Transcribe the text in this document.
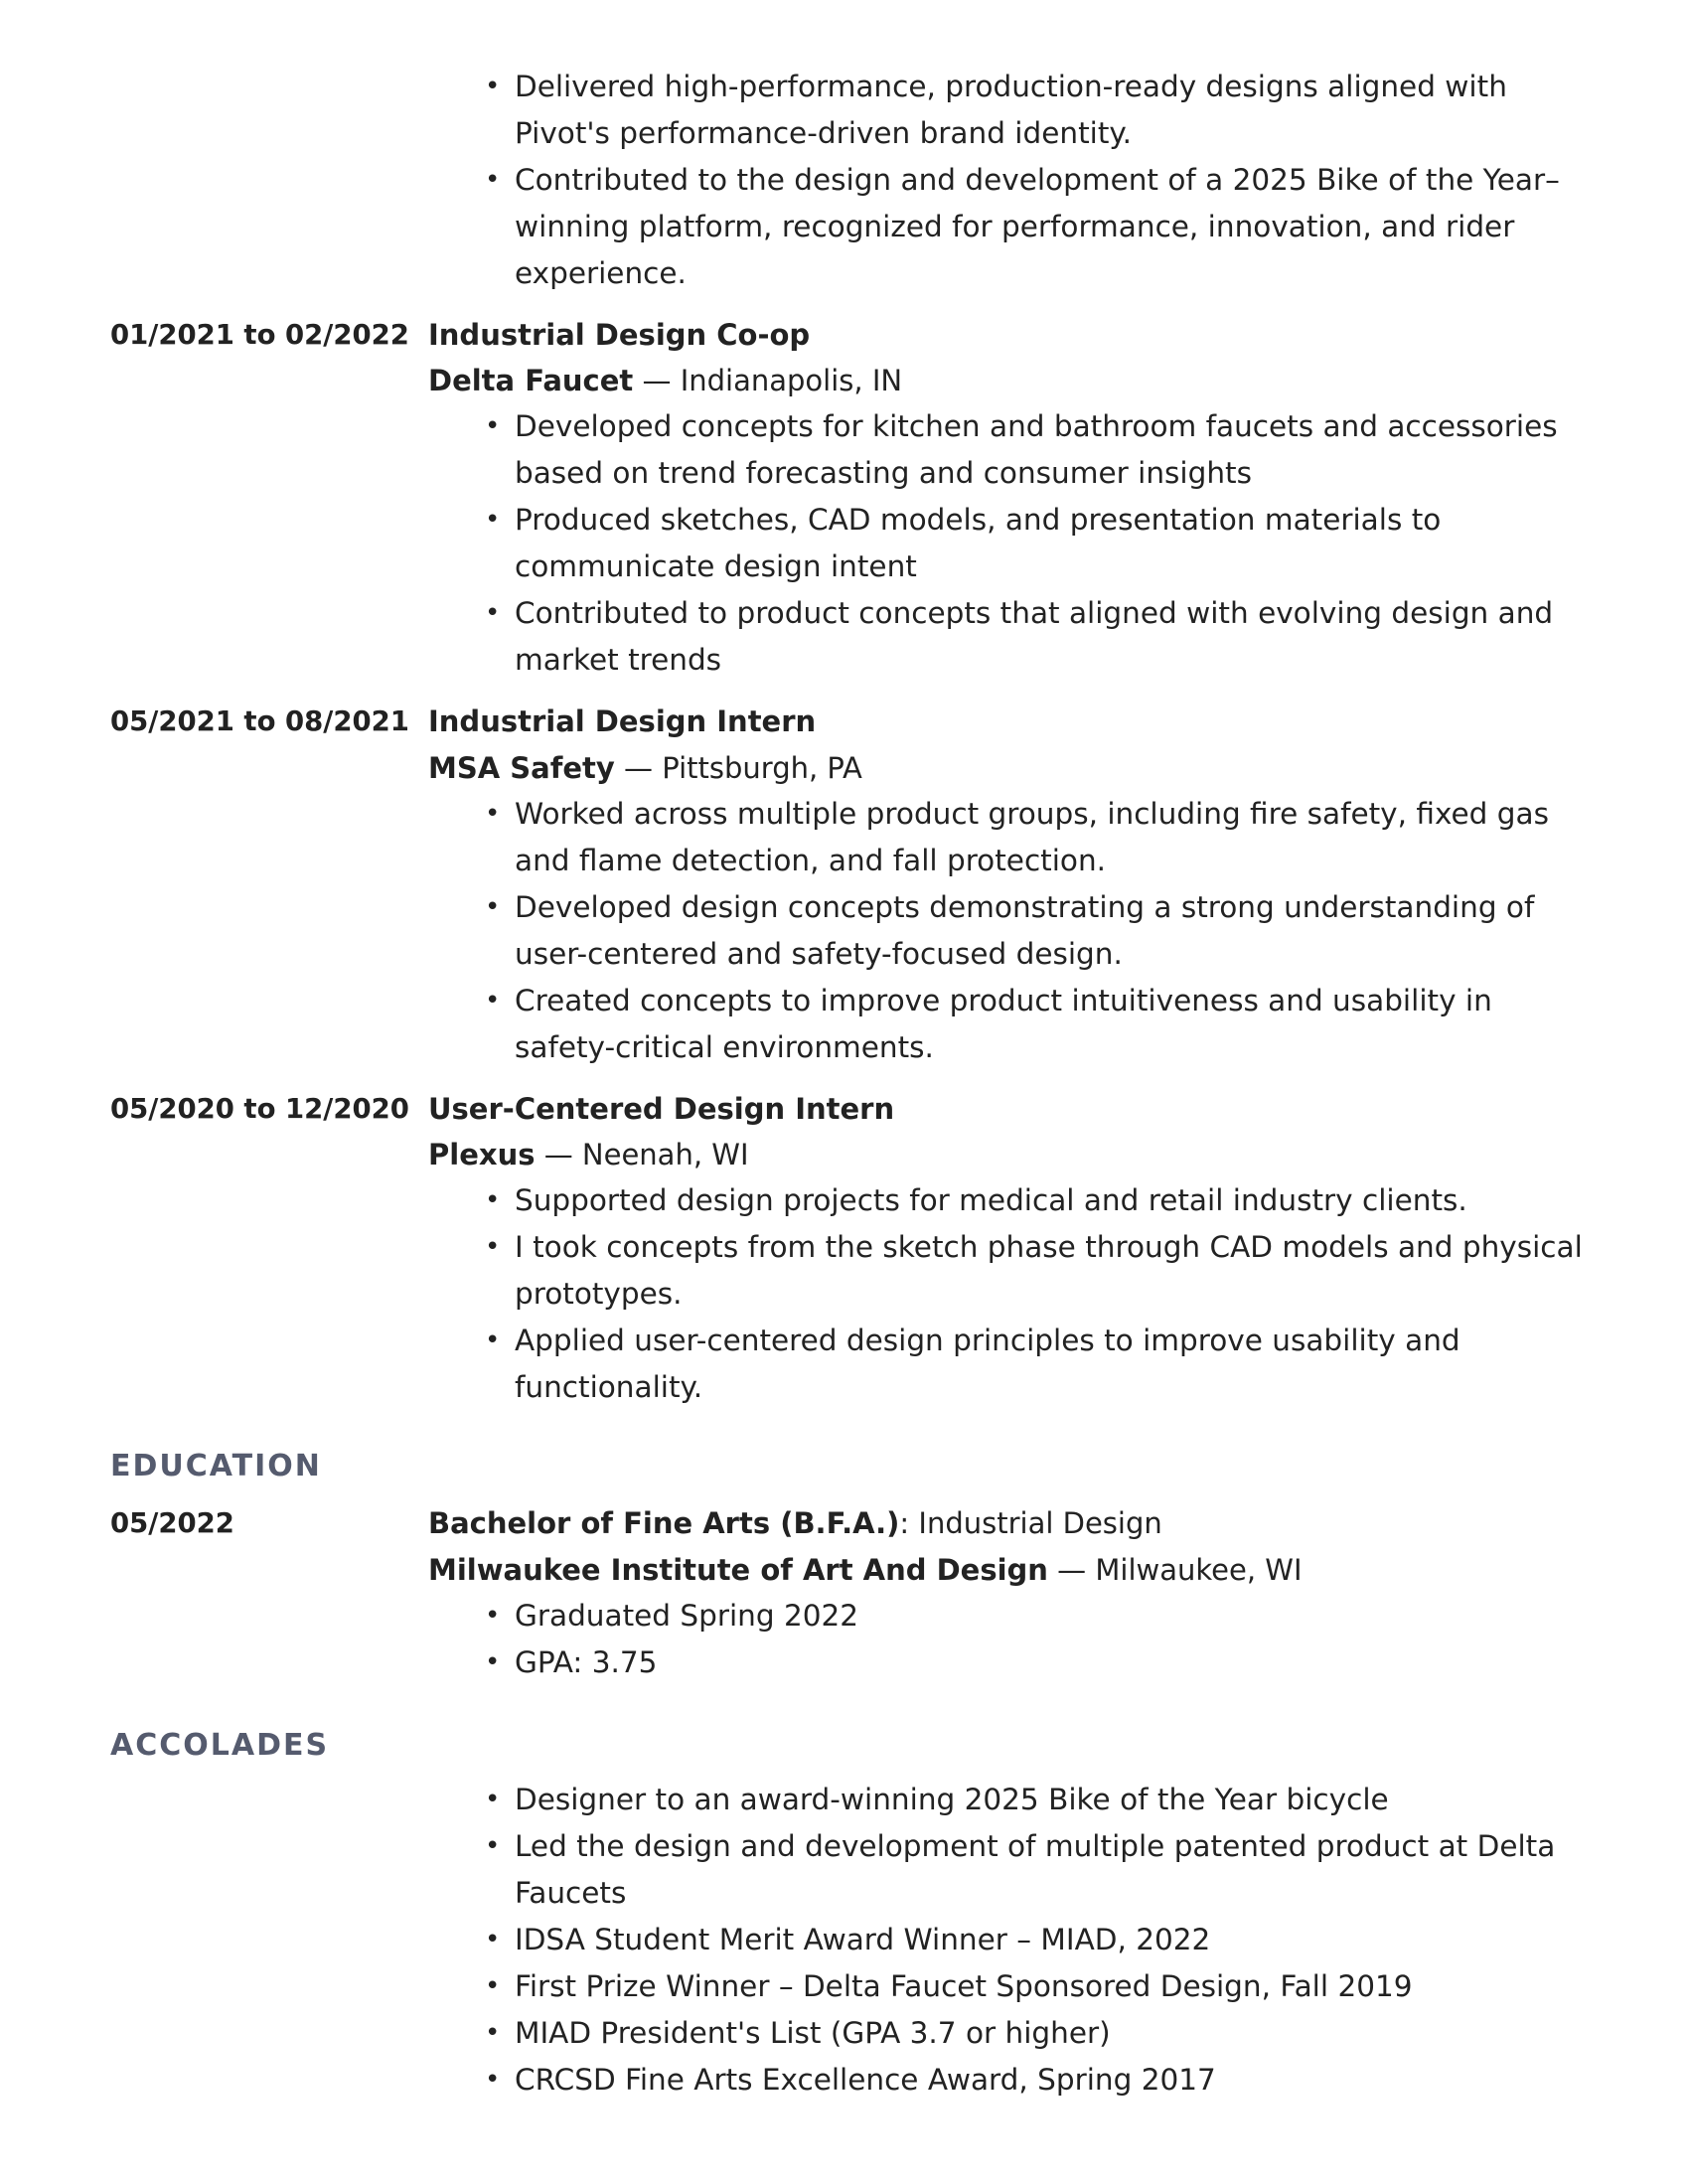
• Delivered high-performance, production-ready designs aligned with Pivot's performance-driven brand identity.
• Contributed to the design and development of a 2025 Bike of the Year–winning platform, recognized for performance, innovation, and rider experience.
01/2021 to 02/2022 Industrial Design Co-op
Delta Faucet — Indianapolis, IN
• Developed concepts for kitchen and bathroom faucets and accessories based on trend forecasting and consumer insights
• Produced sketches, CAD models, and presentation materials to communicate design intent
• Contributed to product concepts that aligned with evolving design and market trends
05/2021 to 08/2021 Industrial Design Intern
MSA Safety — Pittsburgh, PA
• Worked across multiple product groups, including fire safety, fixed gas and flame detection, and fall protection.
• Developed design concepts demonstrating a strong understanding of user-centered and safety-focused design.
• Created concepts to improve product intuitiveness and usability in safety-critical environments.
05/2020 to 12/2020 User-Centered Design Intern
Plexus — Neenah, WI
• Supported design projects for medical and retail industry clients.
• I took concepts from the sketch phase through CAD models and physical prototypes.
• Applied user-centered design principles to improve usability and functionality.
EDUCATION
05/2022	Bachelor of Fine Arts (B.F.A.): Industrial Design
Milwaukee Institute of Art And Design — Milwaukee, WI
• Graduated Spring 2022
• GPA: 3.75
ACCOLADES
• Designer to an award-winning 2025 Bike of the Year bicycle
• Led the design and development of multiple patented product at Delta Faucets
• IDSA Student Merit Award Winner – MIAD, 2022
• First Prize Winner – Delta Faucet Sponsored Design, Fall 2019
• MIAD President's List (GPA 3.7 or higher)
• CRCSD Fine Arts Excellence Award, Spring 2017
